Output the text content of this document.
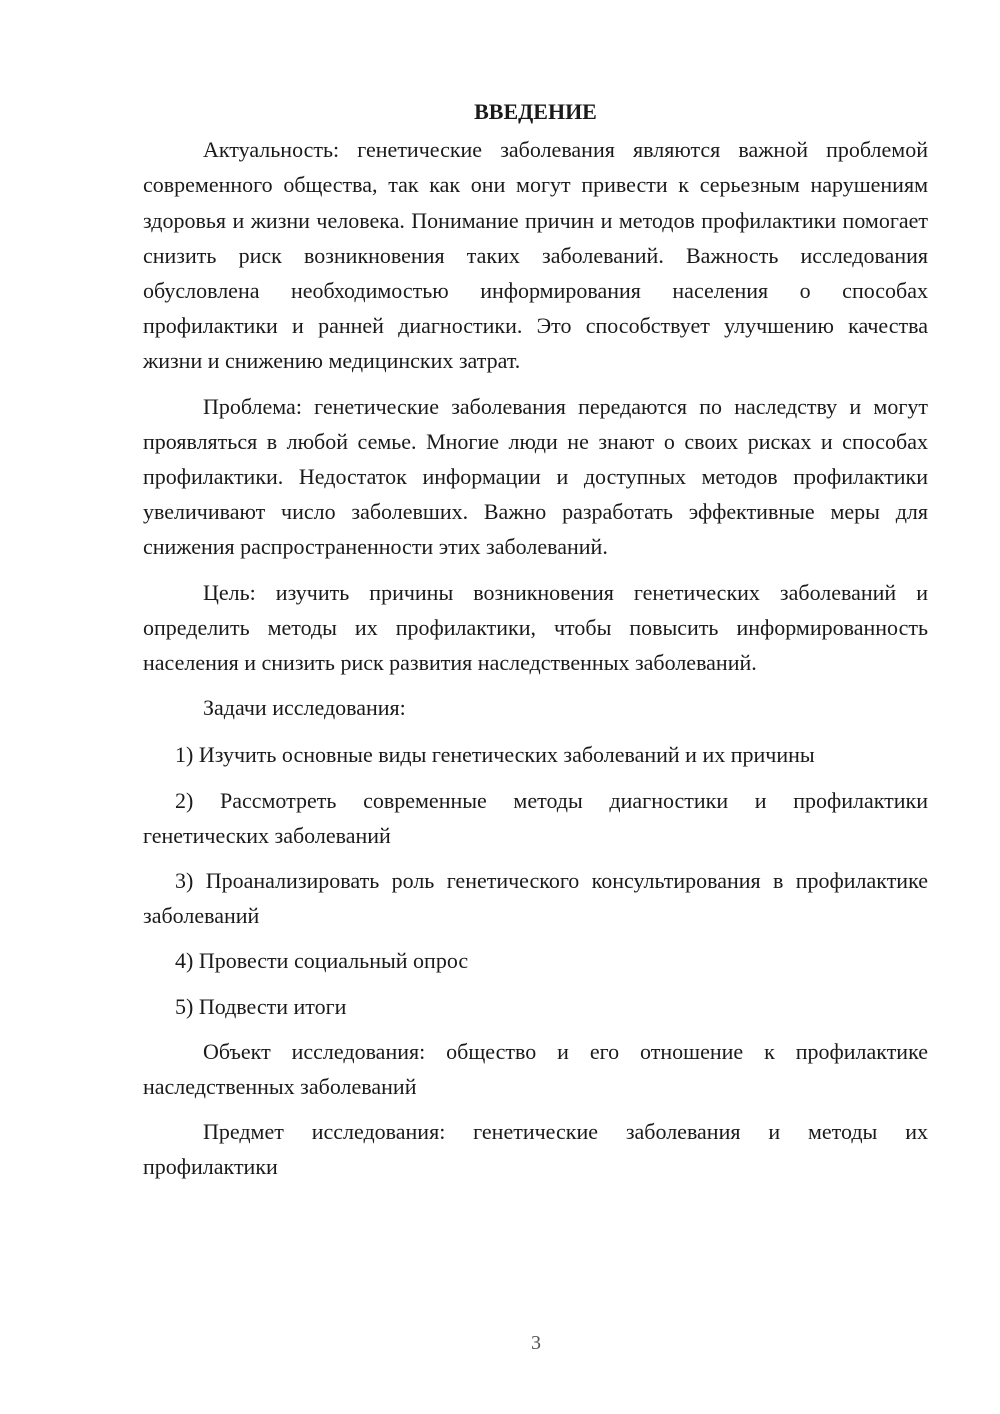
ВВЕДЕНИЕ

Актуальность: генетические заболевания являются важной проблемой современного общества, так как они могут привести к серьезным нарушениям здоровья и жизни человека. Понимание причин и методов профилактики помогает снизить риск возникновения таких заболеваний. Важность исследования обусловлена необходимостью информирования населения о способах профилактики и ранней диагностики. Это способствует улучшению качества жизни и снижению медицинских затрат.

Проблема: генетические заболевания передаются по наследству и могут проявляться в любой семье. Многие люди не знают о своих рисках и способах профилактики. Недостаток информации и доступных методов профилактики увеличивают число заболевших. Важно разработать эффективные меры для снижения распространенности этих заболеваний.

Цель: изучить причины возникновения генетических заболеваний и определить методы их профилактики, чтобы повысить информированность населения и снизить риск развития наследственных заболеваний.

Задачи исследования:

1) Изучить основные виды генетических заболеваний и их причины

2) Рассмотреть современные методы диагностики и профилактики генетических заболеваний

3) Проанализировать роль генетического консультирования в профилактике заболеваний

4) Провести социальный опрос

5) Подвести итоги

Объект исследования: общество и его отношение к профилактике наследственных заболеваний

Предмет исследования: генетические заболевания и методы их профилактики

3
